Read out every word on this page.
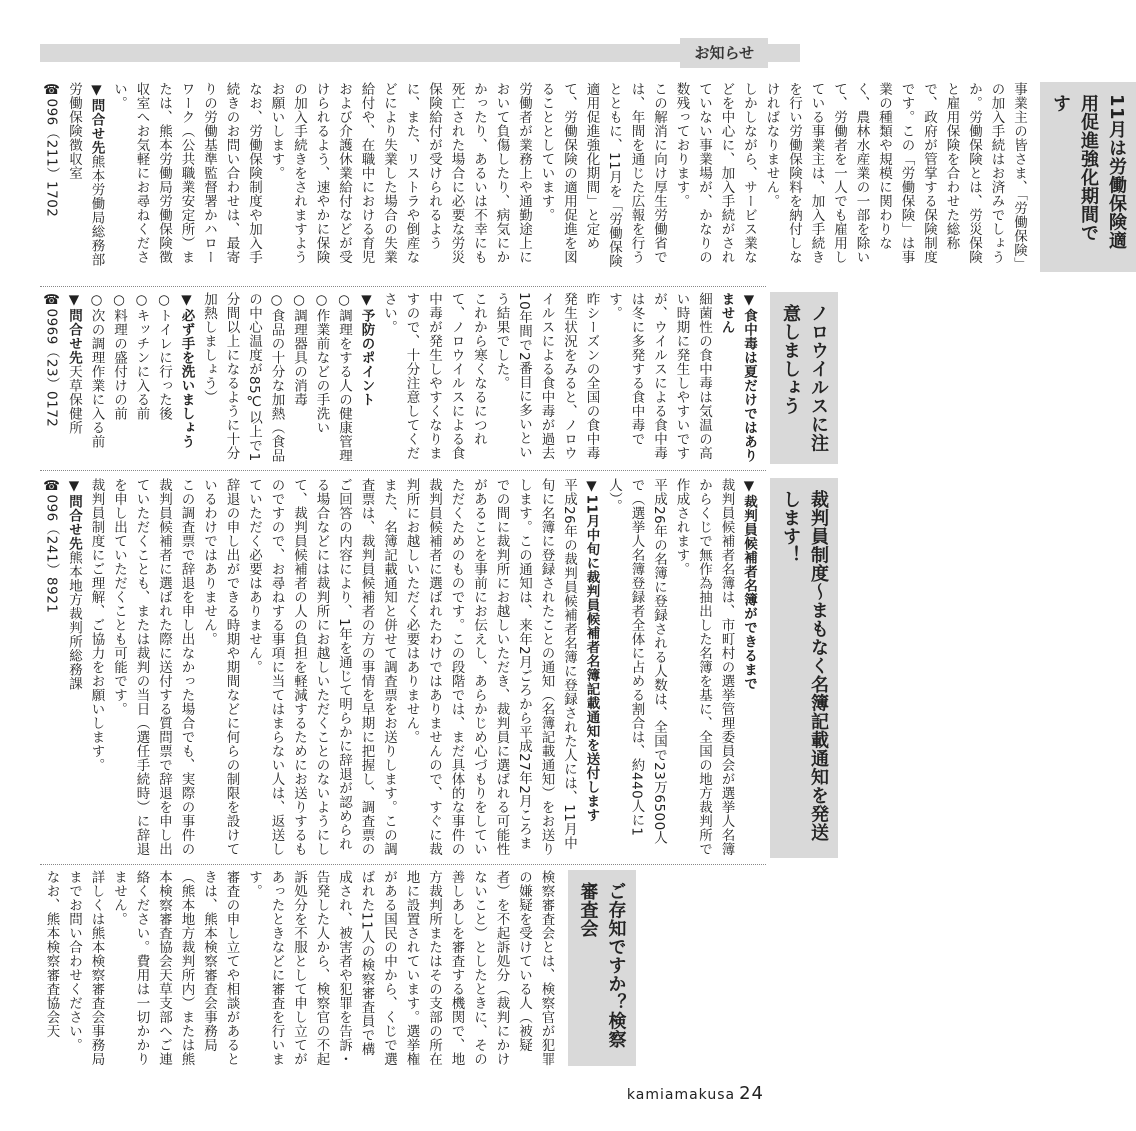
お知らせ
11月は労働保険適用促進強化期間です

事業主の皆さま、「労働保険」の加入手続はお済みでしょうか。労働保険とは、労災保険と雇用保険を合わせた総称で、政府が管掌する保険制度です。この「労働保険」は事業の種類や規模に関わりなく、農林水産業の一部を除いて、労働者を一人でも雇用している事業主は、加入手続きを行い労働保険料を納付しなければなりません。

しかしながら、サービス業などを中心に、加入手続がされていない事業場が、かなりの数残っております。

この解消に向け厚生労働省では、年間を通じた広報を行うとともに、11月を「労働保険適用促進強化期間」と定めて、労働保険の適用促進を図ることとしています。

労働者が業務上や通勤途上において負傷したり、病気にかかったり、あるいは不幸にも死亡された場合に必要な労災保険給付が受けられるように、また、リストラや倒産などにより失業した場合の失業給付や、在職中における育児および介護休業給付などが受けられるよう、速やかに保険の加入手続きをされますようお願いします。

なお、労働保険制度や加入手続きのお問い合わせは、最寄りの労働基準監督署かハローワーク（公共職業安定所）または、熊本労働局労働保険徴収室へお気軽にお尋ねください。

▼問合せ先熊本労働局総務部労働保険徴収室
☎096（211）1702
ノロウイルスに注意しましょう
▼食中毒は夏だけではありません

細菌性の食中毒は気温の高い時期に発生しやすいですが、ウイルスによる食中毒は冬に多発する食中毒です。

昨シーズンの全国の食中毒発生状況をみると、ノロウイルスによる食中毒が過去10年間で2番目に多いという結果でした。

これから寒くなるにつれて、ノロウイルスによる食中毒が発生しやすくなりますので、十分注意してください。

▼予防のポイント
○調理をする人の健康管理
○作業前などの手洗い
○調理器具の消毒
○食品の十分な加熱（食品の中心温度が85℃以上で1分間以上になるように十分加熱しましょう）
▼必ず手を洗いましょう
○トイレに行った後
○キッチンに入る前
○料理の盛付けの前
○次の調理作業に入る前
▼問合せ先天草保健所
☎0969（23）0172
裁判員制度〜まもなく名簿記載通知を発送します！
▼裁判員候補者名簿ができるまで

裁判員候補者名簿は、市町村の選挙管理委員会が選挙人名簿からくじで無作為抽出した名簿を基に、全国の地方裁判所で作成されます。

平成26年の名簿に登録される人数は、全国で23万6500人で（選挙人名簿登録者全体に占める割合は、約440人に1人）。

▼11月中旬に裁判員候補者名簿記載通知を送付します

平成26年の裁判員候補者名簿に登録された人には、11月中旬に名簿に登録されたことの通知（名簿記載通知）をお送りします。この通知は、来年2月ごろから平成27年2月ころまでの間に裁判所にお越しいただき、裁判員に選ばれる可能性があることを事前にお伝えし、あらかじめ心づもりをしていただくためのものです。この段階では、まだ具体的な事件の裁判員候補者に選ばれたわけではありませんので、すぐに裁判所にお越しいただく必要はありません。

また、名簿記載通知と併せて調査票をお送りします。この調査票は、裁判員候補者の方の事情を早期に把握し、調査票のご回答の内容により、1年を通じて明らかに辞退が認められる場合などには裁判所にお越しいただくことのないようにして、裁判員候補者の人の負担を軽減するためにお送りするものですので、お尋ねする事項に当てはまらない人は、返送していただく必要はありません。

辞退の申し出ができる時期や期間などに何らの制限を設けているわけではありません。

この調査票で辞退を申し出なかった場合でも、実際の事件の裁判員候補者に選ばれた際に送付する質問票で辞退を申し出ていただくことも、または裁判の当日（選任手続時）に辞退を申し出ていただくことも可能です。

裁判員制度にご理解、ご協力をお願いします。

▼問合せ先熊本地方裁判所総務課
☎096（241）8921
ご存知ですか？検察審査会

検察審査会とは、検察官が犯罪の嫌疑を受けている人（被疑者）を不起訴処分（裁判にかけないこと）としたときに、その善しあしを審査する機関で、地方裁判所またはその支部の所在地に設置されています。選挙権がある国民の中から、くじで選ばれた11人の検察審査員で構成され、被害者や犯罪を告訴・告発した人から、検察官の不起訴処分を不服として申し立てがあったときなどに審査を行います。

審査の申し立てや相談があるときは、熊本検察審査会事務局（熊本地方裁判所内）または熊本検察審査協会天草支部へご連絡ください。費用は一切かかりません。

詳しくは熊本検察審査会事務局までお問い合わせください。

なお、熊本検察審査協会天

kamiamakusa 24
